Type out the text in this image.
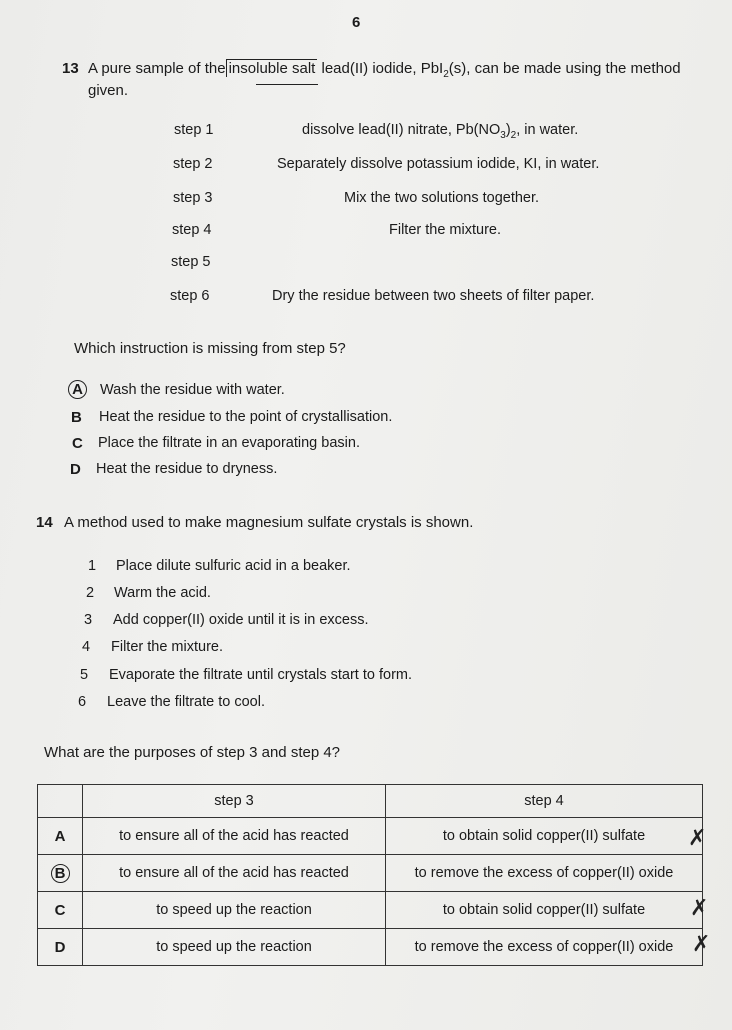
6
13 A pure sample of the insoluble salt lead(II) iodide, PbI$_2$(s), can be made using the method
given.
step 1	dissolve lead(II) nitrate, $Pb(NO_3)_2$, in water.
step 2	Separately dissolve potassium iodide, KI, in water.
step 3	Mix the two solutions together.
step 4	Filter the mixture.
step 5
step 6	Dry the residue between two sheets of filter paper.
Which instruction is missing from step 5?
A Wash the residue with water.
B Heat the residue to the point of crystallisation.
C Place the filtrate in an evaporating basin.
D Heat the residue to dryness.
14 A method used to make magnesium sulfate crystals is shown.
1 Place dilute sulfuric acid in a beaker.
2 Warm the acid.
3 Add copper(II) oxide until it is in excess.
4 Filter the mixture.
5 Evaporate the filtrate until crystals start to form.
6 Leave the filtrate to cool.
What are the purposes of step 3 and step 4?
	step 3	step 4
A	to ensure all of the acid has reacted	to obtain solid copper(II) sulfate
B	to ensure all of the acid has reacted	to remove the excess of copper(II) oxide
C	to speed up the reaction	to obtain solid copper(II) sulfate
D	to speed up the reaction	to remove the excess of copper(II) oxide
✗
✗
✗
